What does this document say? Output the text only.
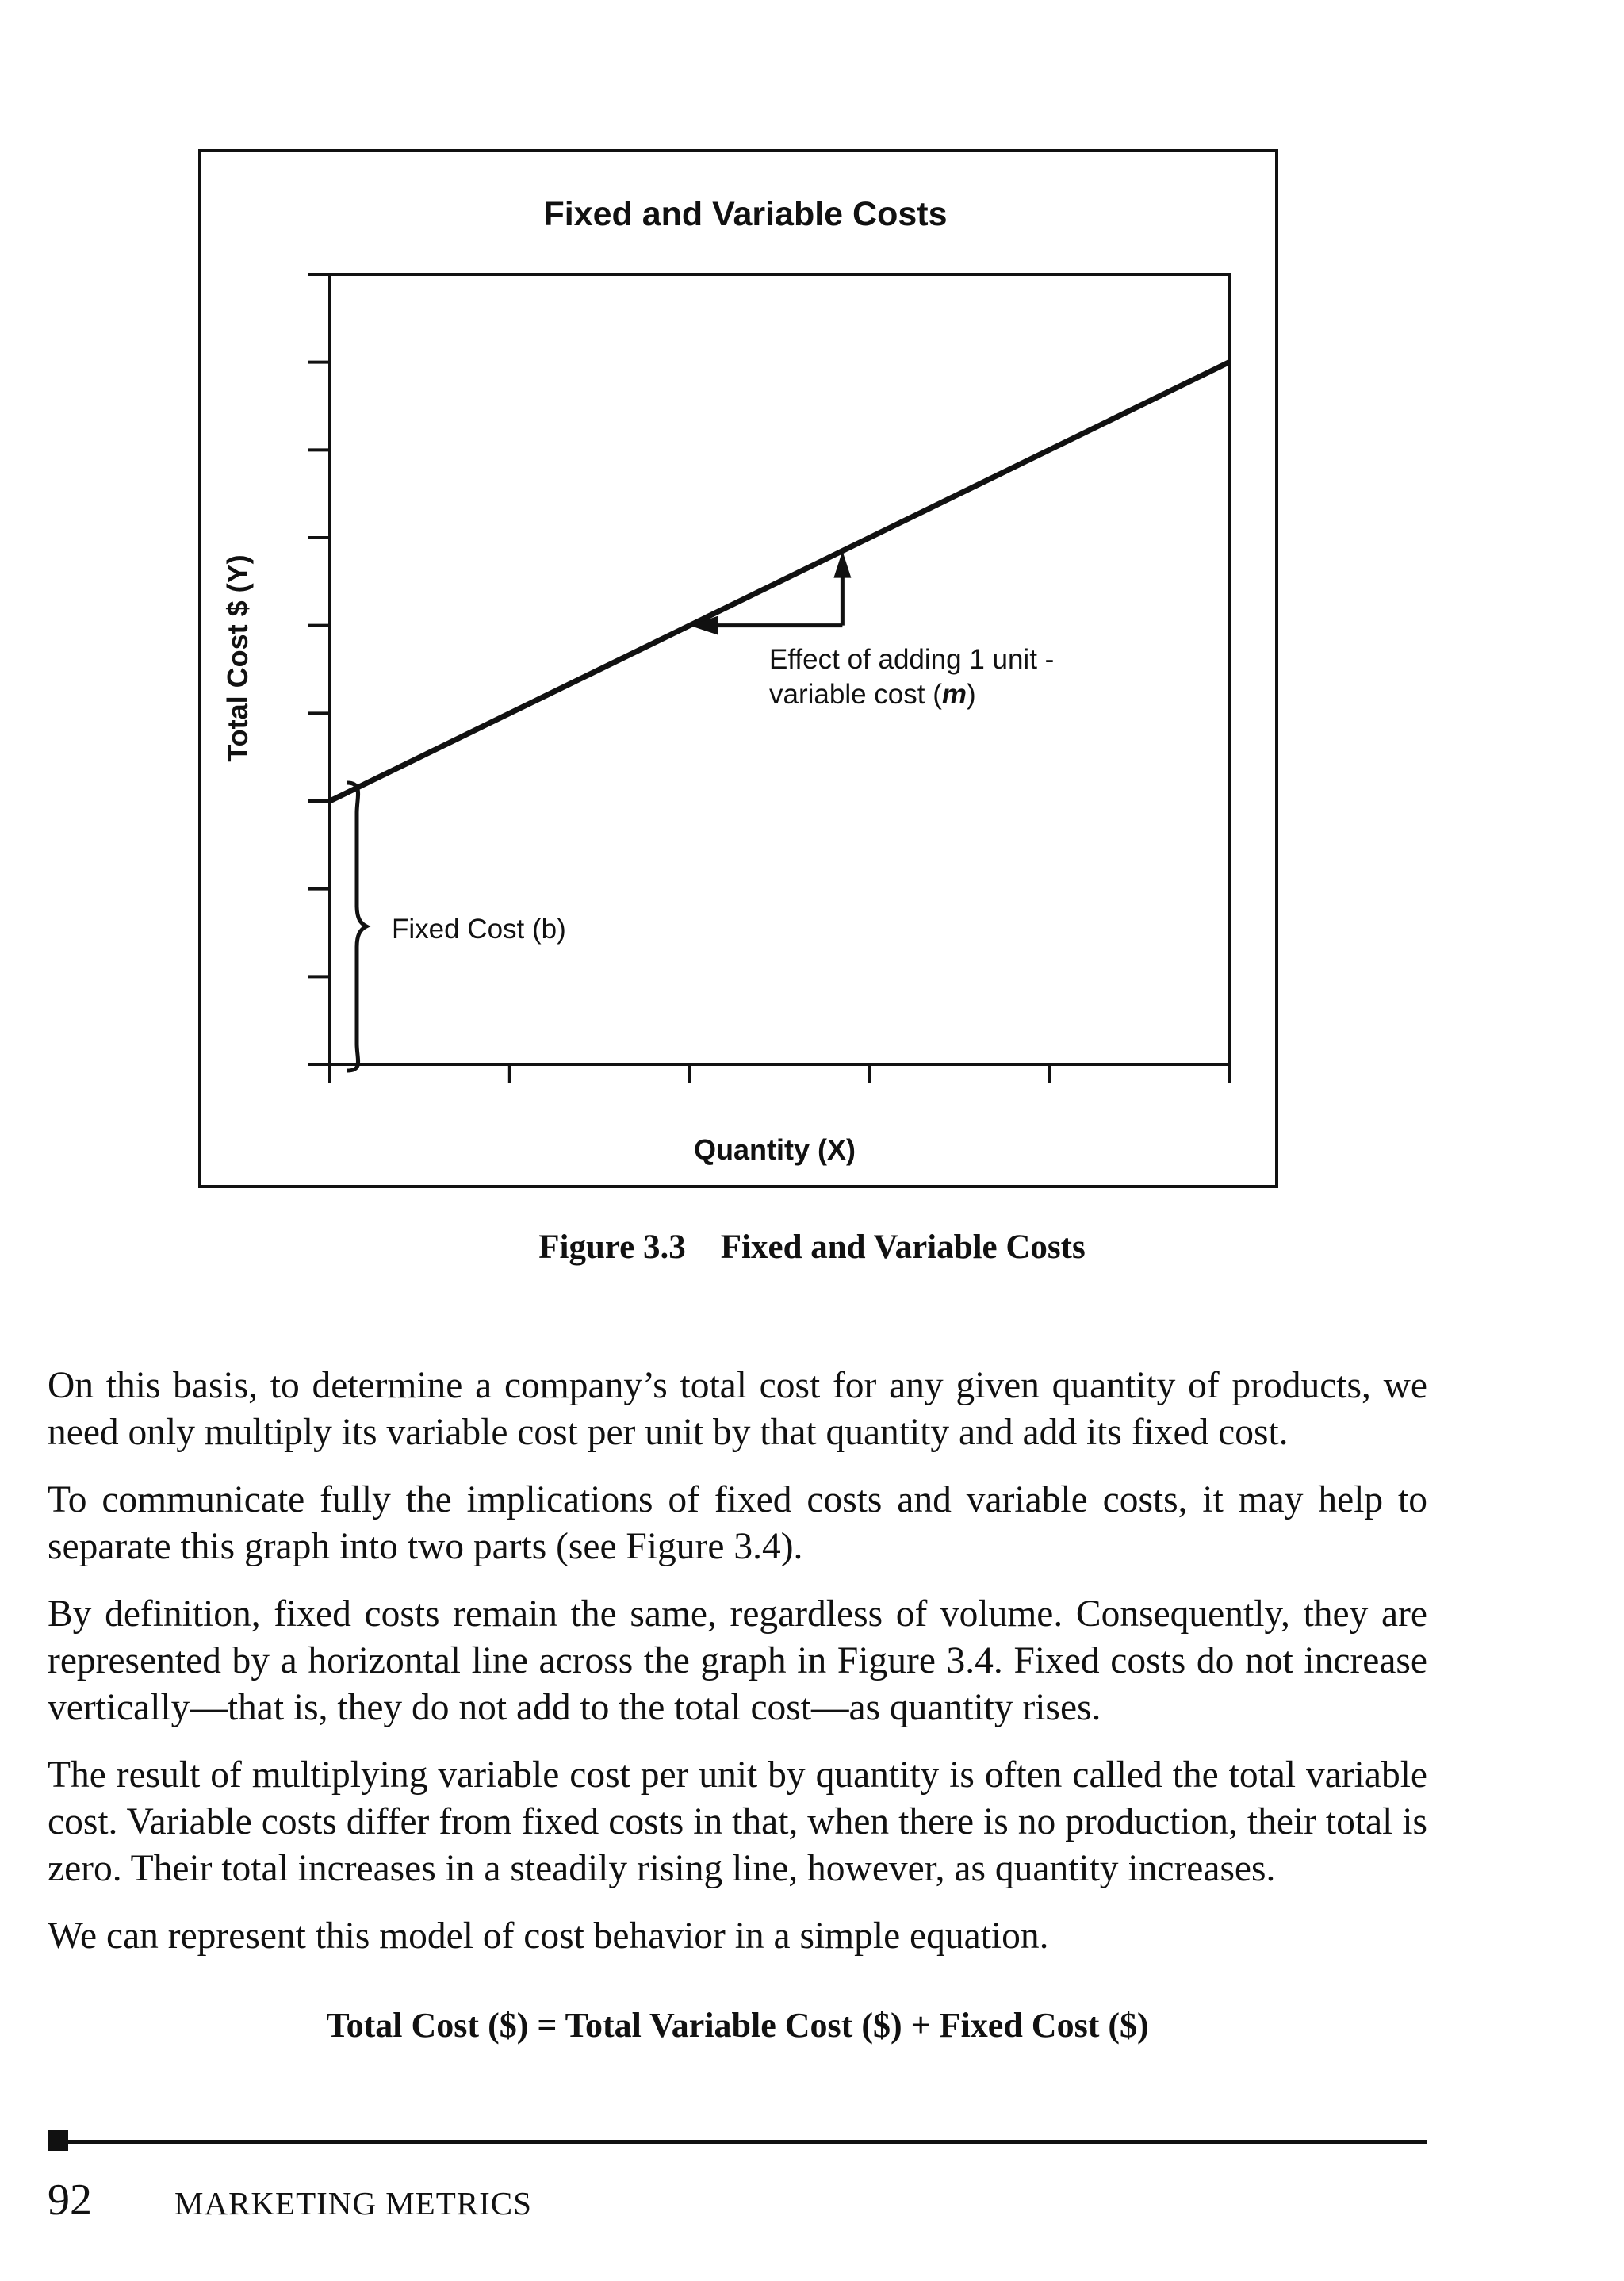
Fixed and Variable Costs
Total Cost $ (Y)
Quantity (X)
Fixed Cost (b)
Effect of adding 1 unit -
variable cost (m)
Figure 3.3 Fixed and Variable Costs

On this basis, to determine a company’s total cost for any given quantity of products, we need only multiply its variable cost per unit by that quantity and add its fixed cost.

To communicate fully the implications of fixed costs and variable costs, it may help to separate this graph into two parts (see Figure 3.4).

By definition, fixed costs remain the same, regardless of volume. Consequently, they are represented by a horizontal line across the graph in Figure 3.4. Fixed costs do not increase vertically—that is, they do not add to the total cost—as quantity rises.

The result of multiplying variable cost per unit by quantity is often called the total variable cost. Variable costs differ from fixed costs in that, when there is no production, their total is zero. Their total increases in a steadily rising line, however, as quantity increases.

We can represent this model of cost behavior in a simple equation.

Total Cost ($) = Total Variable Cost ($) + Fixed Cost ($)
92	MARKETING METRICS
